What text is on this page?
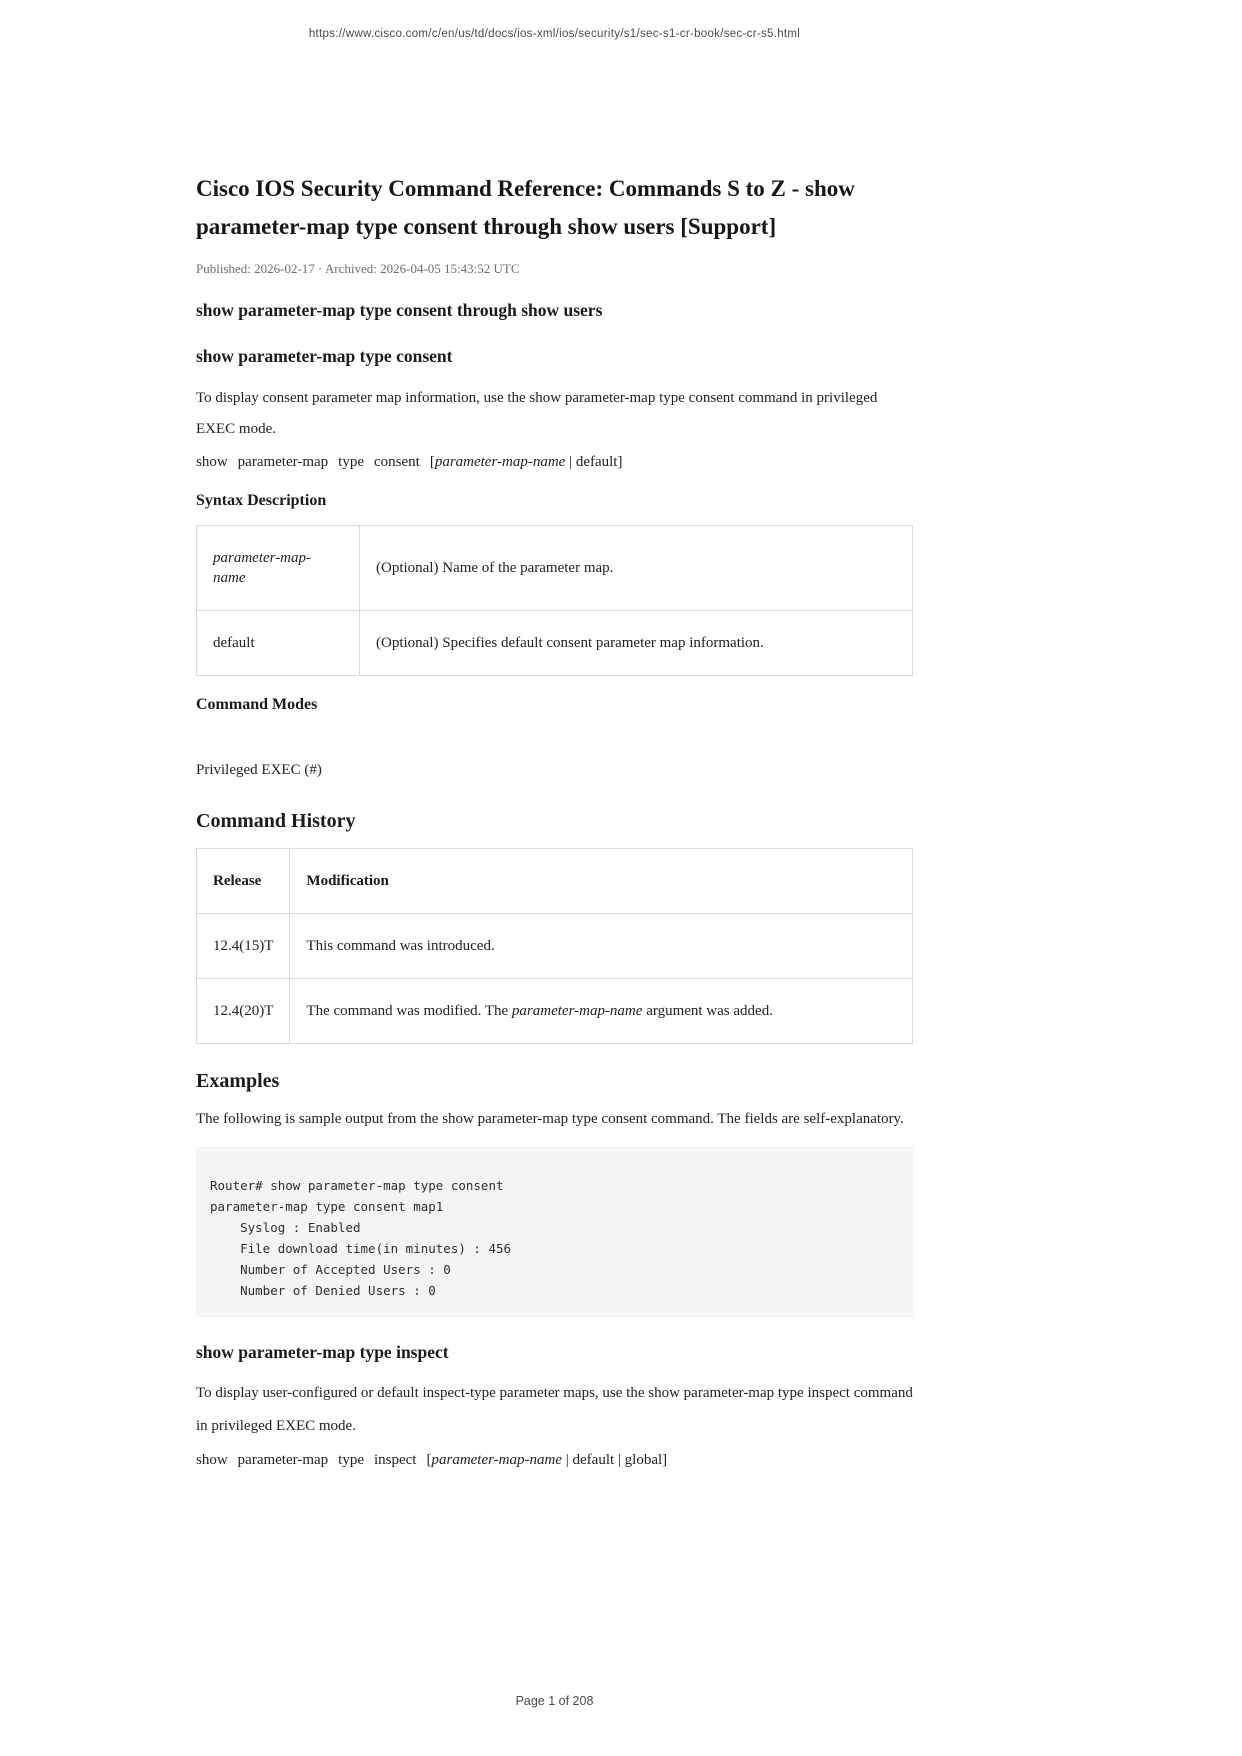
https://www.cisco.com/c/en/us/td/docs/ios-xml/ios/security/s1/sec-s1-cr-book/sec-cr-s5.html
Cisco IOS Security Command Reference: Commands S to Z - show parameter-map type consent through show users [Support]
Published: 2026-02-17 · Archived: 2026-04-05 15:43:52 UTC
show parameter-map type consent through show users
show parameter-map type consent

To display consent parameter map information, use the show parameter-map type consent command in privileged EXEC mode.

show parameter-map type consent [parameter-map-name | default]
Syntax Description
parameter-map-name	(Optional) Name of the parameter map.
default	(Optional) Specifies default consent parameter map information.
Command Modes

Privileged EXEC (#)

Command History
Release	Modification
12.4(15)T	This command was introduced.
12.4(20)T	The command was modified. The parameter-map-name argument was added.
Examples

The following is sample output from the show parameter-map type consent command. The fields are self-explanatory.

Router# show parameter-map type consent
parameter-map type consent map1
Syslog : Enabled
File download time(in minutes) : 456
Number of Accepted Users : 0
Number of Denied Users : 0
show parameter-map type inspect

To display user-configured or default inspect-type parameter maps, use the show parameter-map type inspect command in privileged EXEC mode.

show parameter-map type inspect [parameter-map-name | default | global]
Page 1 of 208
